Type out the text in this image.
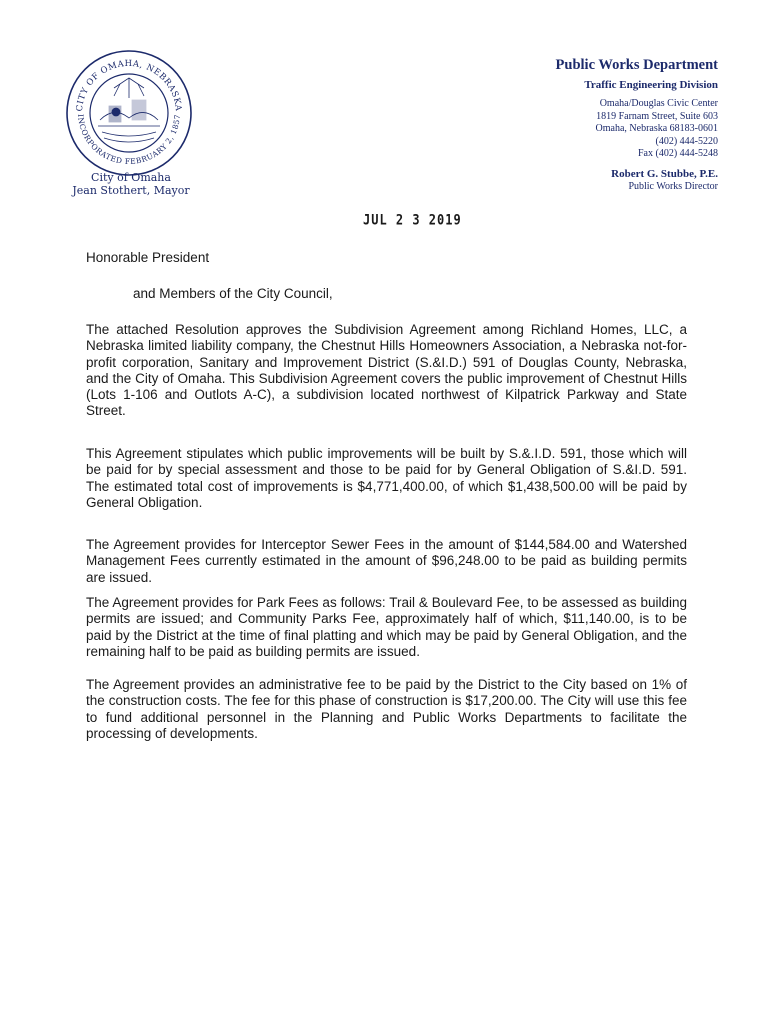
CITY OF OMAHA, NEBRASKA
INCORPORATED FEBRUARY 2, 1857
City of Omaha
Jean Stothert, Mayor
Public Works Department
Traffic Engineering Division
Omaha/Douglas Civic Center
1819 Farnam Street, Suite 603
Omaha, Nebraska 68183-0601
(402) 444-5220
Fax (402) 444-5248
Robert G. Stubbe, P.E.
Public Works Director
JUL 2 3 2019
Honorable President
and Members of the City Council,

The attached Resolution approves the Subdivision Agreement among Richland Homes, LLC, a Nebraska limited liability company, the Chestnut Hills Homeowners Association, a Nebraska not-for-profit corporation, Sanitary and Improvement District (S.&I.D.) 591 of Douglas County, Nebraska, and the City of Omaha. This Subdivision Agreement covers the public improvement of Chestnut Hills (Lots 1-106 and Outlots A-C), a subdivision located northwest of Kilpatrick Parkway and State Street.

This Agreement stipulates which public improvements will be built by S.&.I.D. 591, those which will be paid for by special assessment and those to be paid for by General Obligation of S.&I.D. 591. The estimated total cost of improvements is $4,771,400.00, of which $1,438,500.00 will be paid by General Obligation.

The Agreement provides for Interceptor Sewer Fees in the amount of $144,584.00 and Watershed Management Fees currently estimated in the amount of $96,248.00 to be paid as building permits are issued.

The Agreement provides for Park Fees as follows: Trail & Boulevard Fee, to be assessed as building permits are issued; and Community Parks Fee, approximately half of which, $11,140.00, is to be paid by the District at the time of final platting and which may be paid by General Obligation, and the remaining half to be paid as building permits are issued.

The Agreement provides an administrative fee to be paid by the District to the City based on 1% of the construction costs. The fee for this phase of construction is $17,200.00. The City will use this fee to fund additional personnel in the Planning and Public Works Departments to facilitate the processing of developments.
